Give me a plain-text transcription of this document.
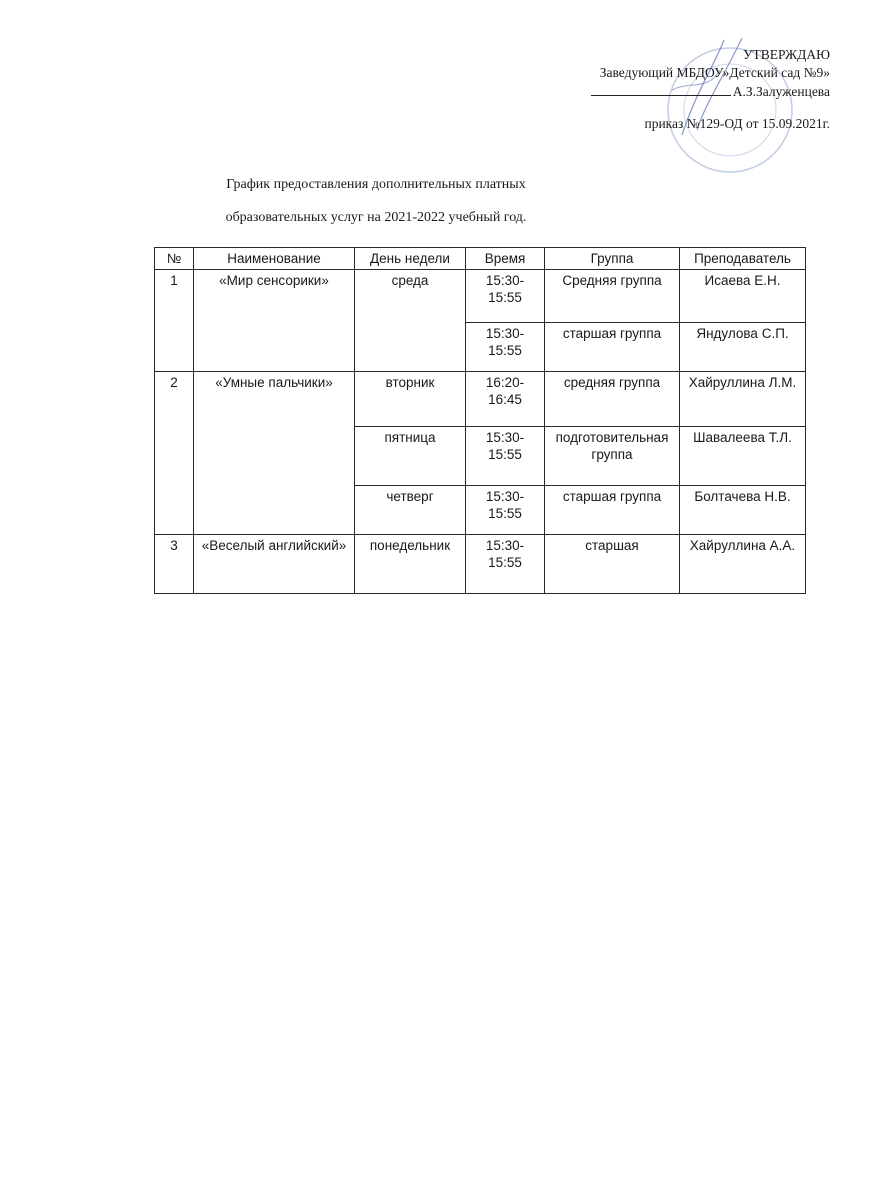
УТВЕРЖДАЮ
Заведующий МБДОУ»Детский сад №9»
А.З.Залуженцева
приказ №129-ОД от 15.09.2021г.
График предоставления дополнительных платных
образовательных услуг на 2021-2022 учебный год.
№	Наименование	День недели	Время	Группа	Преподаватель
1	«Мир сенсорики»	среда	15:30-15:55	Средняя группа	Исаева Е.Н.
			15:30-15:55	старшая группа	Яндулова С.П.
2	«Умные пальчики»	вторник	16:20-16:45	средняя группа	Хайруллина Л.М.
		пятница	15:30-15:55	подготовительная группа	Шавалеева Т.Л.
		четверг	15:30-15:55	старшая группа	Болтачева Н.В.
3	«Веселый английский»	понедельник	15:30-15:55	старшая	Хайруллина А.А.
